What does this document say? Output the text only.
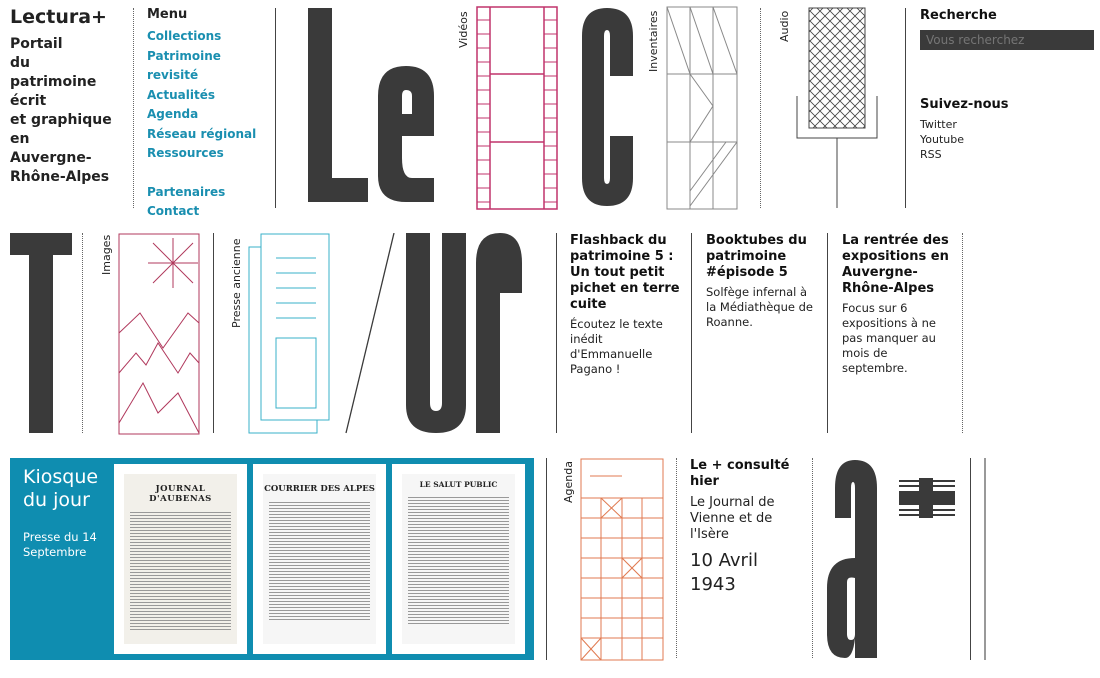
Lectura+
Portail
du
patrimoine
écrit
et graphique
en
Auvergne-
Rhône-Alpes
Menu
Collections
Patrimoine revisité
Actualités
Agenda
Réseau régional
Ressources
Partenaires
Contact
Vidéos	Inventaires	Audio	Recherche
Vous recherchez
Suivez-nous
Twitter
Youtube
RSS
Images	Presse ancienne	Flashback du patrimoine 5 : Un tout petit pichet en terre cuite
Écoutez le texte inédit d'Emmanuelle Pagano !
Booktubes du patrimoine #épisode 5
Solfège infernal à la Médiathèque de Roanne.
La rentrée des expositions en Auvergne-Rhône-Alpes
Focus sur 6 expositions à ne pas manquer au mois de septembre.
Kiosque du jour
Presse du 14 Septembre
JOURNAL D'AUBENAS
COURRIER DES ALPES	LE SALUT PUBLIC	Agenda	Le + consulté hier
Le Journal de Vienne et de l'Isère
10 Avril 1943
